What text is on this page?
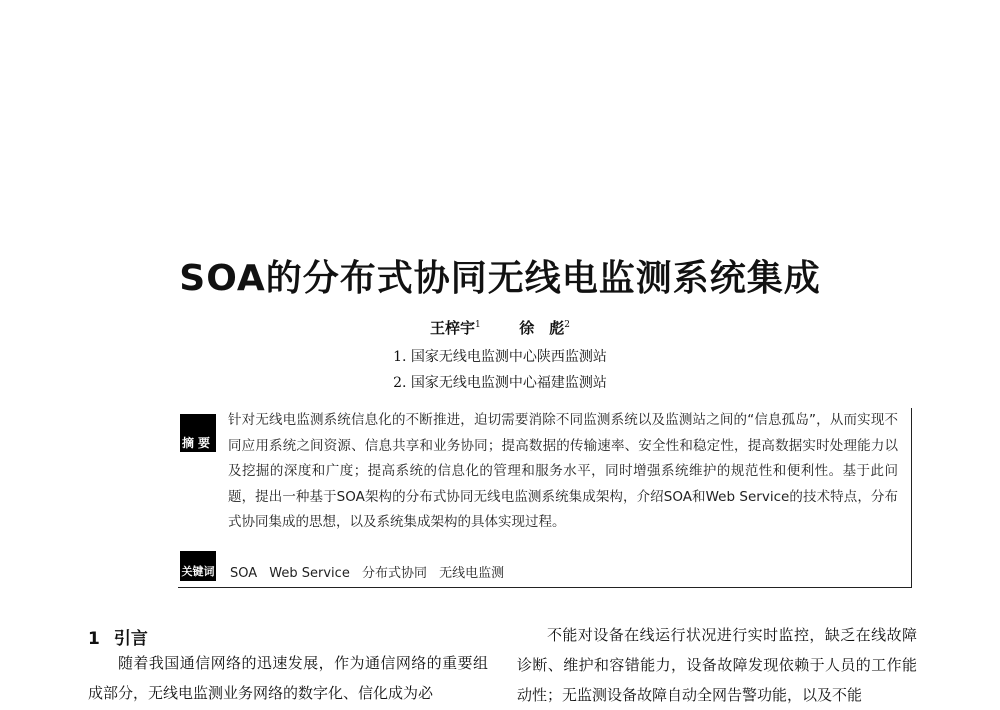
SOA的分布式协同无线电监测系统集成
王梓宇$^1$	徐　彪$^2$
1. 国家无线电监测中心陕西监测站
2. 国家无线电监测中心福建监测站
摘要
针对无线电监测系统信息化的不断推进，迫切需要消除不同监测系统以及监测站之间的“信息孤岛”，从而实现不同应用系统之间资源、信息共享和业务协同；提高数据的传输速率、安全性和稳定性，提高数据实时处理能力以及挖掘的深度和广度；提高系统的信息化的管理和服务水平，同时增强系统维护的规范性和便利性。基于此问题，提出一种基于SOA架构的分布式协同无线电监测系统集成架构，介绍SOA和Web Service的技术特点，分布式协同集成的思想，以及系统集成架构的具体实现过程。
关键词 SOA Web Service 分布式协同 无线电监测
1 引言
随着我国通信网络的迅速发展，作为通信网络的重要组成部分，无线电监测业务网络的数字化、信化成为必
不能对设备在线运行状况进行实时监控，缺乏在线故障诊断、维护和容错能力，设备故障发现依赖于人员的工作能动性；无监测设备故障自动全网告警功能，以及不能
